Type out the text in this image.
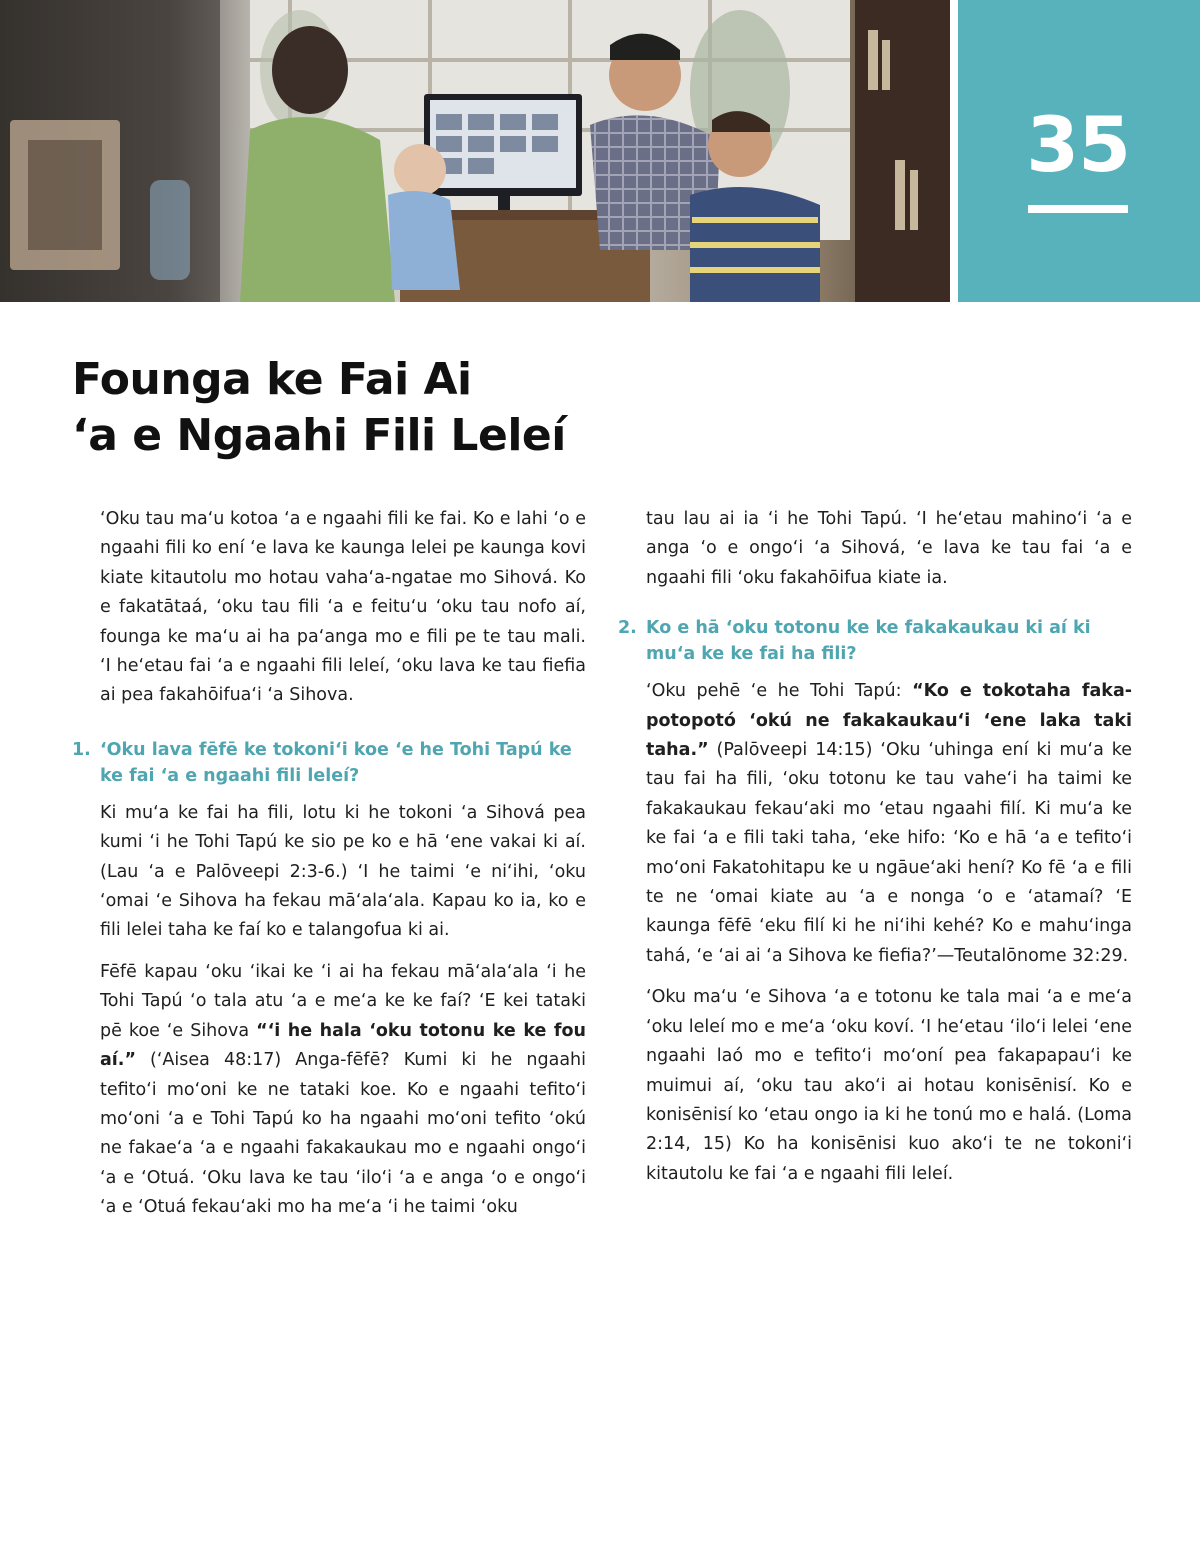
35
Founga ke Fai Ai
‘a e Ngaahi Fili Leleí

‘Oku tau ma‘u kotoa ‘a e ngaahi fili ke fai. Ko e lahi ‘o e ngaahi fili ko ení ‘e lava ke kaunga lelei pe kaunga kovi kiate kitautolu mo hotau vaha‘a-ngatae mo Sihová. Ko e fakatātaá, ‘oku tau fili ‘a e feitu‘u ‘oku tau nofo aí, founga ke ma‘u ai ha pa‘anga mo e fili pe te tau mali. ‘I he‘etau fai ‘a e ngaahi fili leleí, ‘oku lava ke tau fiefia ai pea fakahōifua‘i ‘a Sihova.

1. ‘Oku lava fēfē ke tokoni‘i koe ‘e he Tohi Tapú ke ke fai ‘a e ngaahi fili leleí?

Ki mu‘a ke fai ha fili, lotu ki he tokoni ‘a Sihová pea kumi ‘i he Tohi Tapú ke sio pe ko e hā ‘ene vakai ki aí. (Lau ‘a e Palōveepi 2:3-6.) ‘I he taimi ‘e ni‘ihi, ‘oku ‘omai ‘e Sihova ha fekau mā‘ala‘ala. Kapau ko ia, ko e fili lelei taha ke faí ko e talangofua ki ai.

Fēfē kapau ‘oku ‘ikai ke ‘i ai ha fekau mā‘ala‘ala ‘i he Tohi Tapú ‘o tala atu ‘a e me‘a ke ke faí? ‘E kei tataki pē koe ‘e Sihova “‘i he hala ‘oku totonu ke ke fou aí.” (‘Aisea 48:17) Anga-fēfē? Kumi ki he ngaahi tefito‘i mo‘oni ke ne tataki koe. Ko e ngaahi tefito‘i mo‘oni ‘a e Tohi Tapú ko ha ngaahi mo‘oni tefito ‘okú ne fakae‘a ‘a e ngaahi fakakaukau mo e ngaahi ongo‘i ‘a e ‘Otuá. ‘Oku lava ke tau ‘ilo‘i ‘a e anga ‘o e ongo‘i ‘a e ‘Otuá fekau‘aki mo ha me‘a ‘i he taimi ‘oku

tau lau ai ia ‘i he Tohi Tapú. ‘I he‘etau mahino‘i ‘a e anga ‘o e ongo‘i ‘a Sihová, ‘e lava ke tau fai ‘a e ngaahi fili ‘oku fakahōifua kiate ia.

2. Ko e hā ‘oku totonu ke ke fakakaukau ki aí ki mu‘a ke ke fai ha fili?

‘Oku pehē ‘e he Tohi Tapú: “Ko e tokotaha faka-potopotó ‘okú ne fakakaukau‘i ‘ene laka taki taha.” (Palōveepi 14:15) ‘Oku ‘uhinga ení ki mu‘a ke tau fai ha fili, ‘oku totonu ke tau vahe‘i ha taimi ke fakakaukau fekau‘aki mo ‘etau ngaahi filí. Ki mu‘a ke ke fai ‘a e fili taki taha, ‘eke hifo: ‘Ko e hā ‘a e tefito‘i mo‘oni Fakatohitapu ke u ngāue‘aki hení? Ko fē ‘a e fili te ne ‘omai kiate au ‘a e nonga ‘o e ‘atamaí? ‘E kaunga fēfē ‘eku filí ki he ni‘ihi kehé? Ko e mahu‘inga tahá, ‘e ‘ai ai ‘a Sihova ke fiefia?’—Teutalōnome 32:29.

‘Oku ma‘u ‘e Sihova ‘a e totonu ke tala mai ‘a e me‘a ‘oku leleí mo e me‘a ‘oku koví. ‘I he‘etau ‘ilo‘i lelei ‘ene ngaahi laó mo e tefito‘i mo‘oní pea fakapapau‘i ke muimui aí, ‘oku tau ako‘i ai hotau konisēnisí. Ko e konisēnisí ko ‘etau ongo ia ki he tonú mo e halá. (Loma 2:14, 15) Ko ha konisēnisi kuo ako‘i te ne tokoni‘i kitautolu ke fai ‘a e ngaahi fili leleí.
